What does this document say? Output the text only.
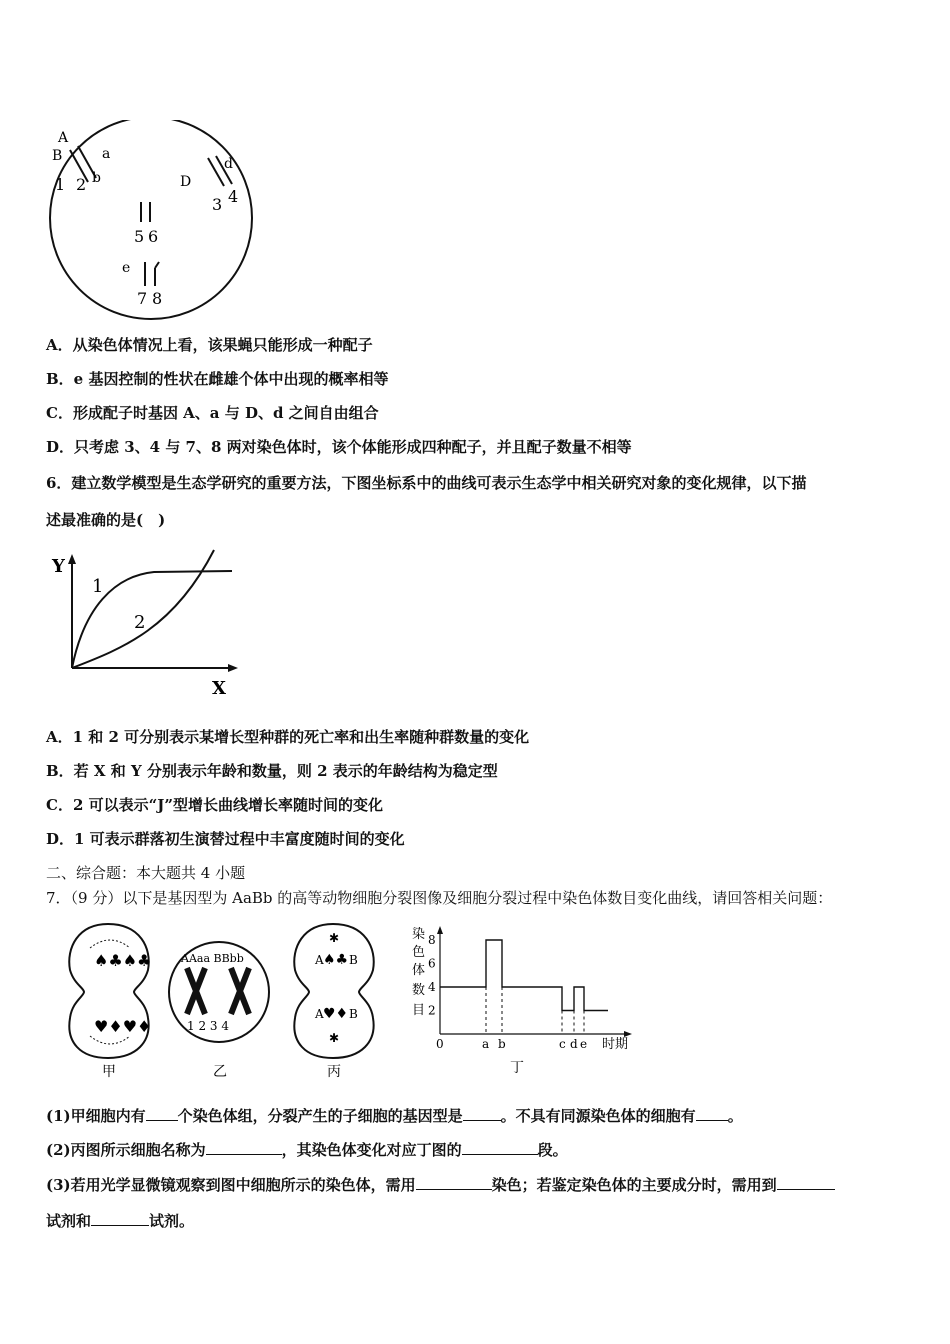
A
B	a
b
1 2	D
d
3 4
5 6
e
7 8
A．从染色体情况上看，该果蝇只能形成一种配子
B．e 基因控制的性状在雌雄个体中出现的概率相等
C．形成配子时基因 A、a 与 D、d 之间自由组合
D．只考虑 3、4 与 7、8 两对染色体时，该个体能形成四种配子，并且配子数量不相等
6．建立数学模型是生态学研究的重要方法，下图坐标系中的曲线可表示生态学中相关研究对象的变化规律，以下描
述最准确的是(　)
Y
X
1
2
A．1 和 2 可分别表示某增长型种群的死亡率和出生率随种群数量的变化
B．若 X 和 Y 分别表示年龄和数量，则 2 表示的年龄结构为稳定型
C．2 可以表示“J”型增长曲线增长率随时间的变化
D．1 可表示群落初生演替过程中丰富度随时间的变化
二、综合题：本大题共 4 小题
7．（9 分）以下是基因型为 AaBb 的高等动物细胞分裂图像及细胞分裂过程中染色体数目变化曲线，请回答相关问题：
♠♣♠♣
♥♦♥♦
甲
AAaa BBbb
1 2 3 4
乙
✱
A B
♠♣
A B
♥♦
✱
丙
染
色
体
数
目 2
4
6
8
0	a b	c d e 时期
丁
(1)甲细胞内有 个染色体组，分裂产生的子细胞的基因型是	。不具有同源染色体的细胞有 。
(2)丙图所示细胞名称为	，其染色体变化对应丁图的	段。
(3)若用光学显微镜观察到图中细胞所示的染色体，需用	染色；若鉴定染色体的主要成分时，需用到
试剂和	试剂。
